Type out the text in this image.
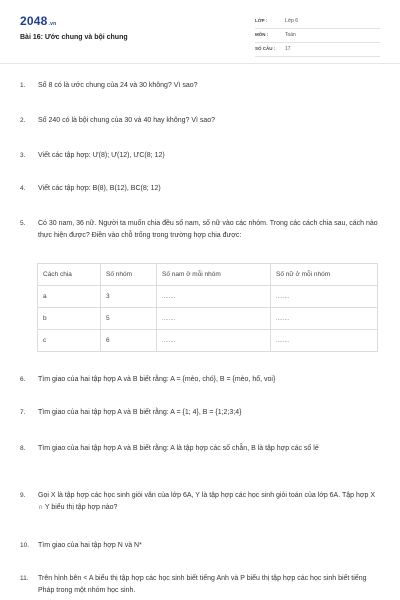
2048.vn
Bài 16: Ước chung và bội chung
LỚP :	Lớp 6
MÔN :	Toán
SỐ CÂU : 17
1.	Số 8 có là ước chung của 24 và 30 không? Vì sao?
2.	Số 240 có là bội chung của 30 và 40 hay không? Vì sao?
3.	Viết các tập hợp: Ư(8); Ư(12), ƯC(8; 12)
4.	Viết các tập hợp: B(8), B(12), BC(8; 12)
5.	Có 30 nam, 36 nữ. Người ta muốn chia đều số nam, số nữ vào các nhóm. Trong các cách chia sau, cách nào thực hiện được? Điền vào chỗ trống trong trường hợp chia được:
Cách chia	Số nhóm	Số nam ở mỗi nhóm	Số nữ ở mỗi nhóm
a	3	........	........
b	5	........	........
c	6	........	........
6.	Tìm giao của hai tập hợp A và B biết rằng: A = {mèo, chó}, B = {mèo, hổ, voi}
7.	Tìm giao của hai tập hợp A và B biết rằng: A = {1; 4}, B = {1;2;3;4}
8.	Tìm giao của hai tập hợp A và B biết rằng: A là tập hợp các số chẵn, B là tập hợp các số lẻ
9.	Gọi X là tập hợp các học sinh giỏi văn của lớp 6A, Y là tập hợp các học sinh giỏi toán của lớp 6A. Tập hợp X ∩ Y biểu thị tập hợp nào?
10.	Tìm giao của hai tập hợp N và N*
11.	Trên hình bên < A biểu thị tập hợp các học sinh biết tiếng Anh và P biểu thị tập hợp các học sinh biết tiếng Pháp trong một nhóm học sinh.
